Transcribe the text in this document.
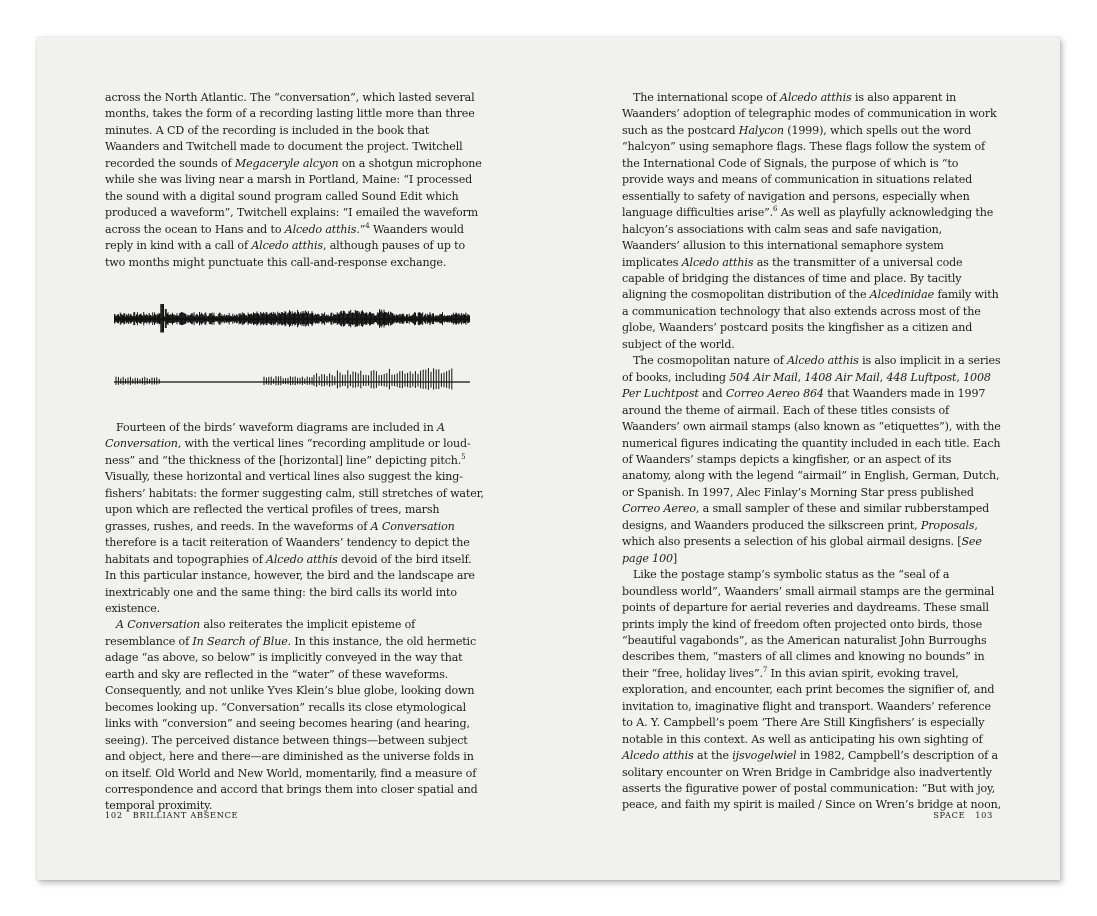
across the North Atlantic. The “conversation”, which lasted several months, takes the form of a recording lasting little more than three minutes. A CD of the recording is included in the book that Waanders and Twitchell made to document the project. Twitchell recorded the sounds of Megaceryle alcyon on a shotgun microphone while she was living near a marsh in Portland, Maine: “I processed the sound with a digital sound program called Sound Edit which produced a waveform”, Twitchell explains: “I emailed the waveform across the ocean to Hans and to Alcedo atthis.”$^4$ Waanders would reply in kind with a call of Alcedo atthis, although pauses of up to two months might punctuate this call-and-response exchange.

Fourteen of the birds’ waveform diagrams are included in A Conversation, with the vertical lines “recording amplitude or loudness” and “the thickness of the [horizontal] line” depicting pitch.$^5$ Visually, these horizontal and vertical lines also suggest the kingfishers’ habitats: the former suggesting calm, still stretches of water, upon which are reflected the vertical profiles of trees, marsh grasses, rushes, and reeds. In the waveforms of A Conversation therefore is a tacit reiteration of Waanders’ tendency to depict the habitats and topographies of Alcedo atthis devoid of the bird itself. In this particular instance, however, the bird and the landscape are inextricably one and the same thing: the bird calls its world into existence.

A Conversation also reiterates the implicit episteme of resemblance of In Search of Blue. In this instance, the old hermetic adage “as above, so below” is implicitly conveyed in the way that earth and sky are reflected in the “water” of these waveforms. Consequently, and not unlike Yves Klein’s blue globe, looking down becomes looking up. “Conversation” recalls its close etymological links with “conversion” and seeing becomes hearing (and hearing, seeing). The perceived distance between things—between subject and object, here and there—are diminished as the universe folds in on itself. Old World and New World, momentarily, find a measure of correspondence and accord that brings them into closer spatial and temporal proximity.

102 BRILLIANT ABSENCE

The international scope of Alcedo atthis is also apparent in Waanders’ adoption of telegraphic modes of communication in work such as the postcard Halycon (1999), which spells out the word “halcyon” using semaphore flags. These flags follow the system of the International Code of Signals, the purpose of which is “to provide ways and means of communication in situations related essentially to safety of navigation and persons, especially when language difficulties arise”.$^6$ As well as playfully acknowledging the halcyon’s associations with calm seas and safe navigation, Waanders’ allusion to this international semaphore system implicates Alcedo atthis as the transmitter of a universal code capable of bridging the distances of time and place. By tacitly aligning the cosmopolitan distribution of the Alcedinidae family with a communication technology that also extends across most of the globe, Waanders’ postcard posits the kingfisher as a citizen and subject of the world.

The cosmopolitan nature of Alcedo atthis is also implicit in a series of books, including 504 Air Mail, 1408 Air Mail, 448 Luftpost, 1008 Per Luchtpost and Correo Aereo 864 that Waanders made in 1997 around the theme of airmail. Each of these titles consists of Waanders’ own airmail stamps (also known as “etiquettes”), with the numerical figures indicating the quantity included in each title. Each of Waanders’ stamps depicts a kingfisher, or an aspect of its anatomy, along with the legend “airmail” in English, German, Dutch, or Spanish. In 1997, Alec Finlay’s Morning Star press published Correo Aereo, a small sampler of these and similar rubberstamped designs, and Waanders produced the silkscreen print, Proposals, which also presents a selection of his global airmail designs. [See page 100]

Like the postage stamp’s symbolic status as the “seal of a boundless world”, Waanders’ small airmail stamps are the germinal points of departure for aerial reveries and daydreams. These small prints imply the kind of freedom often projected onto birds, those “beautiful vagabonds”, as the American naturalist John Burroughs describes them, “masters of all climes and knowing no bounds” in their “free, holiday lives”.$^7$ In this avian spirit, evoking travel, exploration, and encounter, each print becomes the signifier of, and invitation to, imaginative flight and transport. Waanders’ reference to A. Y. Campbell’s poem ‘There Are Still Kingfishers’ is especially notable in this context. As well as anticipating his own sighting of Alcedo atthis at the ijsvogelwiel in 1982, Campbell’s description of a solitary encounter on Wren Bridge in Cambridge also inadvertently asserts the figurative power of postal communication: “But with joy, peace, and faith my spirit is mailed / Since on Wren’s bridge at noon,

SPACE 103
